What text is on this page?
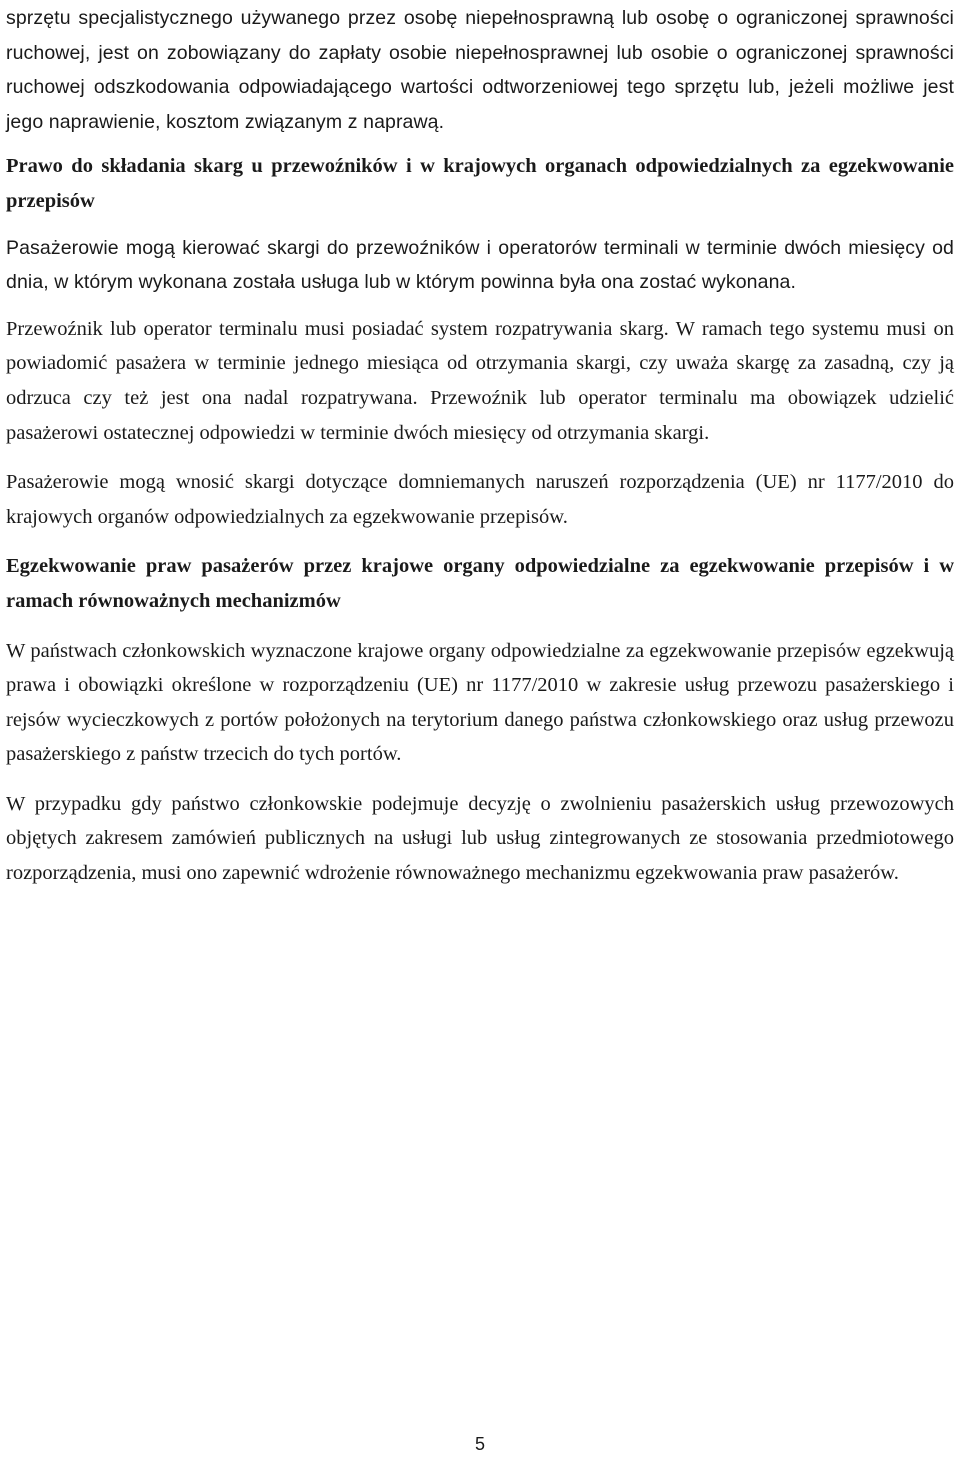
sprzętu specjalistycznego używanego przez osobę niepełnosprawną lub osobę o ograniczonej sprawności ruchowej, jest on zobowiązany do zapłaty osobie niepełnosprawnej lub osobie o ograniczonej sprawności ruchowej odszkodowania odpowiadającego wartości odtworzeniowej tego sprzętu lub, jeżeli możliwe jest jego naprawienie, kosztom związanym z naprawą.

Prawo do składania skarg u przewoźników i w krajowych organach odpowiedzialnych za egzekwowanie przepisów

Pasażerowie mogą kierować skargi do przewoźników i operatorów terminali w terminie dwóch miesięcy od dnia, w którym wykonana została usługa lub w którym powinna była ona zostać wykonana.

Przewoźnik lub operator terminalu musi posiadać system rozpatrywania skarg. W ramach tego systemu musi on powiadomić pasażera w terminie jednego miesiąca od otrzymania skargi, czy uważa skargę za zasadną, czy ją odrzuca czy też jest ona nadal rozpatrywana. Przewoźnik lub operator terminalu ma obowiązek udzielić pasażerowi ostatecznej odpowiedzi w terminie dwóch miesięcy od otrzymania skargi.

Pasażerowie mogą wnosić skargi dotyczące domniemanych naruszeń rozporządzenia (UE) nr 1177/2010 do krajowych organów odpowiedzialnych za egzekwowanie przepisów.

Egzekwowanie praw pasażerów przez krajowe organy odpowiedzialne za egzekwowanie przepisów i w ramach równoważnych mechanizmów

W państwach członkowskich wyznaczone krajowe organy odpowiedzialne za egzekwowanie przepisów egzekwują prawa i obowiązki określone w rozporządzeniu (UE) nr 1177/2010 w zakresie usług przewozu pasażerskiego i rejsów wycieczkowych z portów położonych na terytorium danego państwa członkowskiego oraz usług przewozu pasażerskiego z państw trzecich do tych portów.

W przypadku gdy państwo członkowskie podejmuje decyzję o zwolnieniu pasażerskich usług przewozowych objętych zakresem zamówień publicznych na usługi lub usług zintegrowanych ze stosowania przedmiotowego rozporządzenia, musi ono zapewnić wdrożenie równoważnego mechanizmu egzekwowania praw pasażerów.

5
